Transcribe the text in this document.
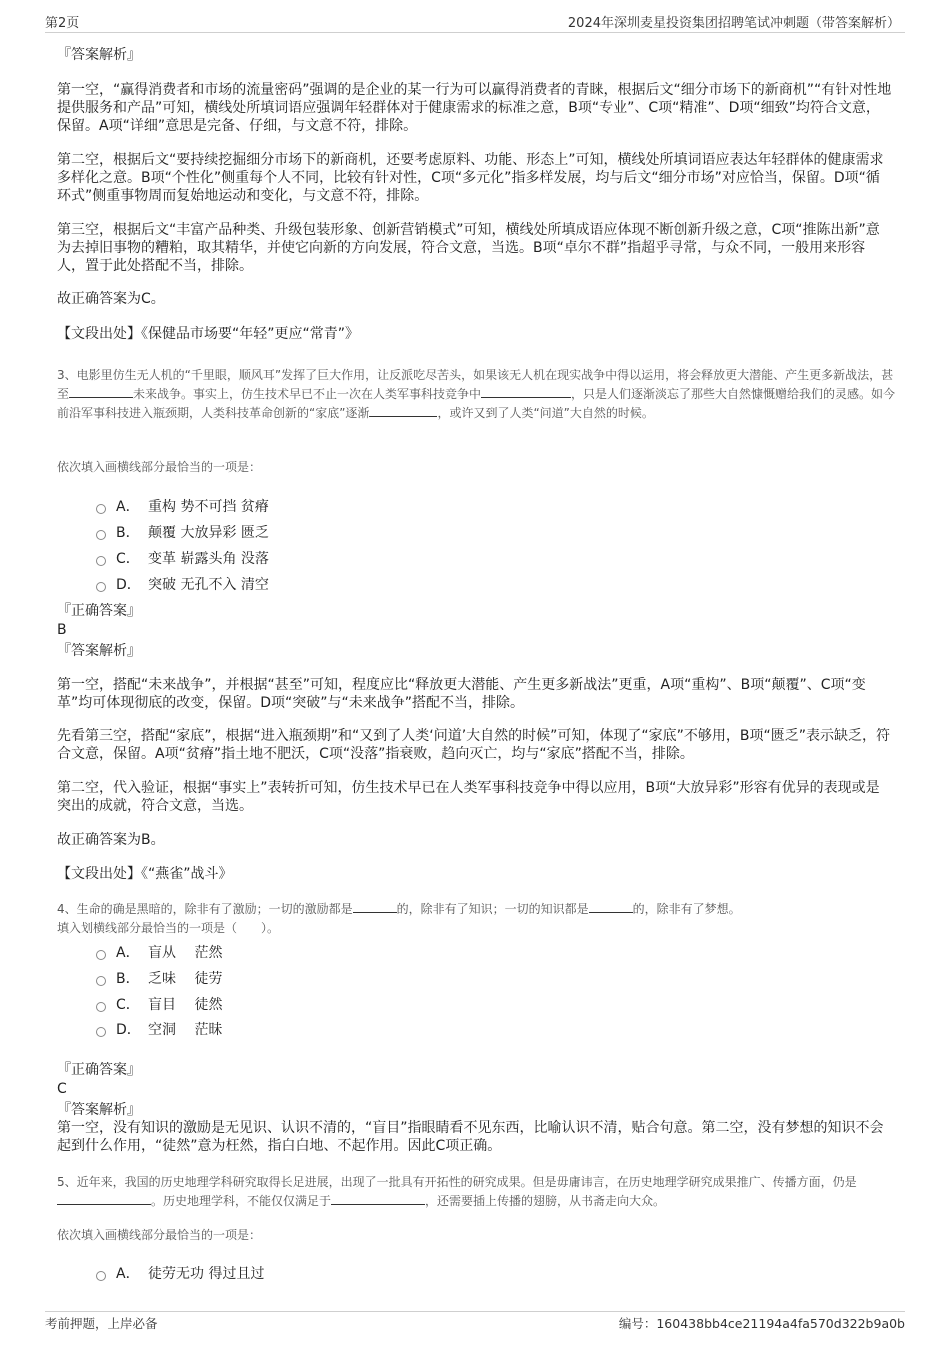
第2页	2024年深圳麦星投资集团招聘笔试冲刺题（带答案解析）
『答案解析』
第一空，“赢得消费者和市场的流量密码”强调的是企业的某一行为可以赢得消费者的青睐，根据后文“细分市场下的新商机”“有针对性地提供服务和产品”可知，横线处所填词语应强调年轻群体对于健康需求的标准之意，B项“专业”、C项“精准”、D项“细致”均符合文意，保留。A项“详细”意思是完备、仔细，与文意不符，排除。
第二空，根据后文“要持续挖掘细分市场下的新商机，还要考虑原料、功能、形态上”可知，横线处所填词语应表达年轻群体的健康需求多样化之意。B项“个性化”侧重每个人不同，比较有针对性，C项“多元化”指多样发展，均与后文“细分市场”对应恰当，保留。D项“循环式”侧重事物周而复始地运动和变化，与文意不符，排除。
第三空，根据后文“丰富产品种类、升级包装形象、创新营销模式”可知，横线处所填成语应体现不断创新升级之意，C项“推陈出新”意为去掉旧事物的糟粕，取其精华，并使它向新的方向发展，符合文意，当选。B项“卓尔不群”指超乎寻常，与众不同，一般用来形容人，置于此处搭配不当，排除。
故正确答案为C。
【文段出处】《保健品市场要“年轻”更应“常青”》
3、电影里仿生无人机的“千里眼，顺风耳”发挥了巨大作用，让反派吃尽苦头，如果该无人机在现实战争中得以运用，将会释放更大潜能、产生更多新战法，甚至	未来战争。事实上，仿生技术早已不止一次在人类军事科技竞争中	，只是人们逐渐淡忘了那些大自然慷慨赠给我们的灵感。如今前沿军事科技进入瓶颈期，人类科技革命创新的“家底”逐渐	，或许又到了人类“问道”大自然的时候。
依次填入画横线部分最恰当的一项是：
A． 重构 势不可挡 贫瘠
B． 颠覆 大放异彩 匮乏
C． 变革 崭露头角 没落
D． 突破 无孔不入 清空
『正确答案』
B
『答案解析』
第一空，搭配“未来战争”，并根据“甚至”可知，程度应比“释放更大潜能、产生更多新战法”更重，A项“重构”、B项“颠覆”、C项“变革”均可体现彻底的改变，保留。D项“突破”与“未来战争”搭配不当，排除。
先看第三空，搭配“家底”，根据“进入瓶颈期”和“又到了人类‘问道’大自然的时候”可知，体现了“家底”不够用，B项“匮乏”表示缺乏，符合文意，保留。A项“贫瘠”指土地不肥沃，C项“没落”指衰败，趋向灭亡，均与“家底”搭配不当，排除。
第二空，代入验证，根据“事实上”表转折可知，仿生技术早已在人类军事科技竞争中得以应用，B项“大放异彩”形容有优异的表现或是突出的成就，符合文意，当选。
故正确答案为B。
【文段出处】《“燕雀”战斗》
4、生命的确是黑暗的，除非有了激励；一切的激励都是	的，除非有了知识；一切的知识都是	的，除非有了梦想。
填入划横线部分最恰当的一项是（　　）。
A． 盲从　 茫然
B． 乏味　 徒劳
C． 盲目　 徒然
D． 空洞　 茫昧
『正确答案』
C
『答案解析』
第一空，没有知识的激励是无见识、认识不清的，“盲目”指眼睛看不见东西，比喻认识不清，贴合句意。第二空，没有梦想的知识不会起到什么作用，“徒然”意为枉然，指白白地、不起作用。因此C项正确。
5、近年来，我国的历史地理学科研究取得长足进展，出现了一批具有开拓性的研究成果。但是毋庸讳言，在历史地理学研究成果推广、传播方面，仍是。历史地理学科，不能仅仅满足于	，还需要插上传播的翅膀，从书斋走向大众。
依次填入画横线部分最恰当的一项是：
A． 徒劳无功 得过且过
考前押题，上岸必备	编号：160438bb4ce21194a4fa570d322b9a0b
